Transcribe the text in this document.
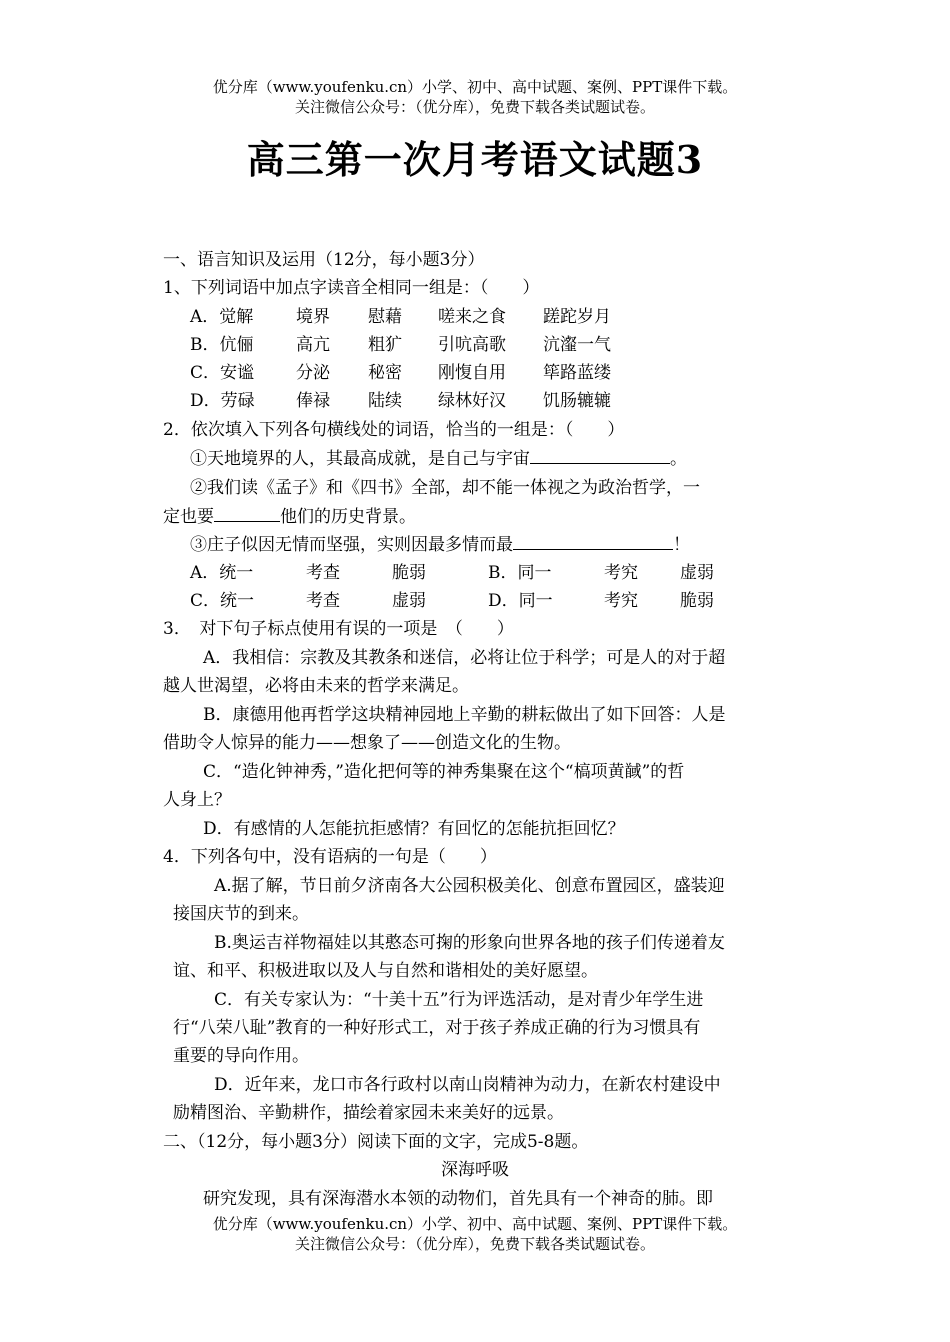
优分库（www.youfenku.cn）小学、初中、高中试题、案例、PPT课件下载。
关注微信公众号：（优分库），免费下载各类试题试卷。
高三第一次月考语文试题3
一、语言知识及运用（12分，每小题3分）
1、下列词语中加点字读音全相同一组是：（　　）
A．觉解	境界 慰藉 嗟来之食 蹉跎岁月
B．伉俪	高亢 粗犷 引吭高歌 沆瀣一气
C．安谧 分泌 秘密 刚愎自用 筚路蓝缕
D．劳碌 俸禄 陆续 绿林好汉 饥肠辘辘
2．依次填入下列各句横线处的词语，恰当的一组是：（　　）
①天地境界的人，其最高成就，是自己与宇宙	。
②我们读《孟子》和《四书》全部，却不能一体视之为政治哲学，一
定也要	他们的历史背景。
③庄子似因无情而坚强，实则因最多情而最	！
A．统一	考查	脆弱	B．同一	考究 虚弱
C．统一	考查	虚弱	D．同一	考究 脆弱
3．　对下句子标点使用有误的一项是　（　　）
A．我相信：宗教及其教条和迷信，必将让位于科学；可是人的对于超
越人世渴望，必将由未来的哲学来满足。
B．康德用他再哲学这块精神园地上辛勤的耕耘做出了如下回答：人是
借助令人惊异的能力——想象了——创造文化的生物。
C．“造化钟神秀，”造化把何等的神秀集聚在这个“槁项黄馘”的哲
人身上？
D．有感情的人怎能抗拒感情？有回忆的怎能抗拒回忆？
4．下列各句中，没有语病的一句是（　　）
A.据了解，节日前夕济南各大公园积极美化、创意布置园区，盛装迎
接国庆节的到来。
B.奥运吉祥物福娃以其憨态可掬的形象向世界各地的孩子们传递着友
谊、和平、积极进取以及人与自然和谐相处的美好愿望。
C．有关专家认为：“十美十五”行为评选活动，是对青少年学生进
行“八荣八耻”教育的一种好形式工，对于孩子养成正确的行为习惯具有
重要的导向作用。
D．近年来，龙口市各行政村以南山岗精神为动力，在新农村建设中
励精图治、辛勤耕作，描绘着家园未来美好的远景。
二、（12分，每小题3分）阅读下面的文字，完成5-8题。
深海呼吸
研究发现，具有深海潜水本领的动物们，首先具有一个神奇的肺。即
优分库（www.youfenku.cn）小学、初中、高中试题、案例、PPT课件下载。
关注微信公众号：（优分库），免费下载各类试题试卷。
